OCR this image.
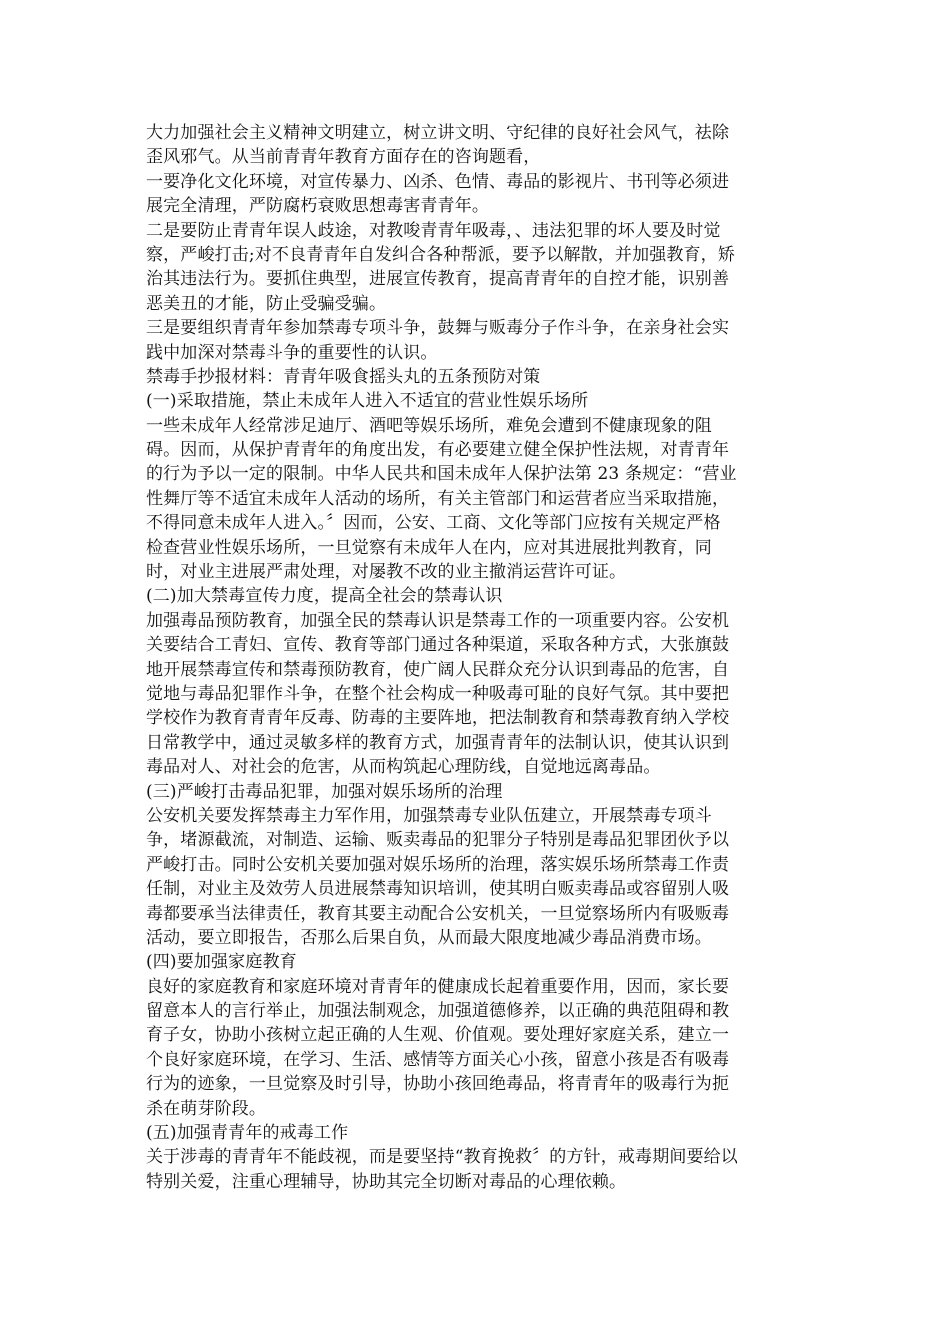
大力加强社会主义精神文明建立，树立讲文明、守纪律的良好社会风气，祛除
歪风邪气。从当前青青年教育方面存在的咨询题看，
一要净化文化环境，对宣传暴力、凶杀、色情、毒品的影视片、书刊等必须进
展完全清理，严防腐朽衰败思想毒害青青年。
二是要防止青青年误人歧途，对教唆青青年吸毒，、违法犯罪的坏人要及时觉
察，严峻打击;对不良青青年自发纠合各种帮派，要予以解散，并加强教育，矫
治其违法行为。要抓住典型，进展宣传教育，提高青青年的自控才能，识别善
恶美丑的才能，防止受骗受骗。
三是要组织青青年参加禁毒专项斗争，鼓舞与贩毒分子作斗争，在亲身社会实
践中加深对禁毒斗争的重要性的认识。
禁毒手抄报材料：青青年吸食摇头丸的五条预防对策
(一)采取措施，禁止未成年人进入不适宜的营业性娱乐场所
一些未成年人经常涉足迪厅、酒吧等娱乐场所，难免会遭到不健康现象的阻
碍。因而，从保护青青年的角度出发，有必要建立健全保护性法规，对青青年
的行为予以一定的限制。中华人民共和国未成年人保护法第 23 条规定：“营业
性舞厅等不适宜未成年人活动的场所，有关主管部门和运营者应当采取措施，
不得同意未成年人进入。〞因而，公安、工商、文化等部门应按有关规定严格
检查营业性娱乐场所，一旦觉察有未成年人在内，应对其进展批判教育，同
时，对业主进展严肃处理，对屡教不改的业主撤消运营许可证。
(二)加大禁毒宣传力度，提高全社会的禁毒认识
加强毒品预防教育，加强全民的禁毒认识是禁毒工作的一项重要内容。公安机
关要结合工青妇、宣传、教育等部门通过各种渠道，采取各种方式，大张旗鼓
地开展禁毒宣传和禁毒预防教育，使广阔人民群众充分认识到毒品的危害，自
觉地与毒品犯罪作斗争，在整个社会构成一种吸毒可耻的良好气氛。其中要把
学校作为教育青青年反毒、防毒的主要阵地，把法制教育和禁毒教育纳入学校
日常教学中，通过灵敏多样的教育方式，加强青青年的法制认识，使其认识到
毒品对人、对社会的危害，从而构筑起心理防线，自觉地远离毒品。
(三)严峻打击毒品犯罪，加强对娱乐场所的治理
公安机关要发挥禁毒主力军作用，加强禁毒专业队伍建立，开展禁毒专项斗
争，堵源截流，对制造、运输、贩卖毒品的犯罪分子特别是毒品犯罪团伙予以
严峻打击。同时公安机关要加强对娱乐场所的治理，落实娱乐场所禁毒工作责
任制，对业主及效劳人员进展禁毒知识培训，使其明白贩卖毒品或容留别人吸
毒都要承当法律责任，教育其要主动配合公安机关，一旦觉察场所内有吸贩毒
活动，要立即报告，否那么后果自负，从而最大限度地减少毒品消费市场。
(四)要加强家庭教育
良好的家庭教育和家庭环境对青青年的健康成长起着重要作用，因而，家长要
留意本人的言行举止，加强法制观念，加强道德修养，以正确的典范阻碍和教
育子女，协助小孩树立起正确的人生观、价值观。要处理好家庭关系，建立一
个良好家庭环境，在学习、生活、感情等方面关心小孩，留意小孩是否有吸毒
行为的迹象，一旦觉察及时引导，协助小孩回绝毒品，将青青年的吸毒行为扼
杀在萌芽阶段。
(五)加强青青年的戒毒工作
关于涉毒的青青年不能歧视，而是要坚持“教育挽救〞的方针，戒毒期间要给以
特别关爱，注重心理辅导，协助其完全切断对毒品的心理依赖。
